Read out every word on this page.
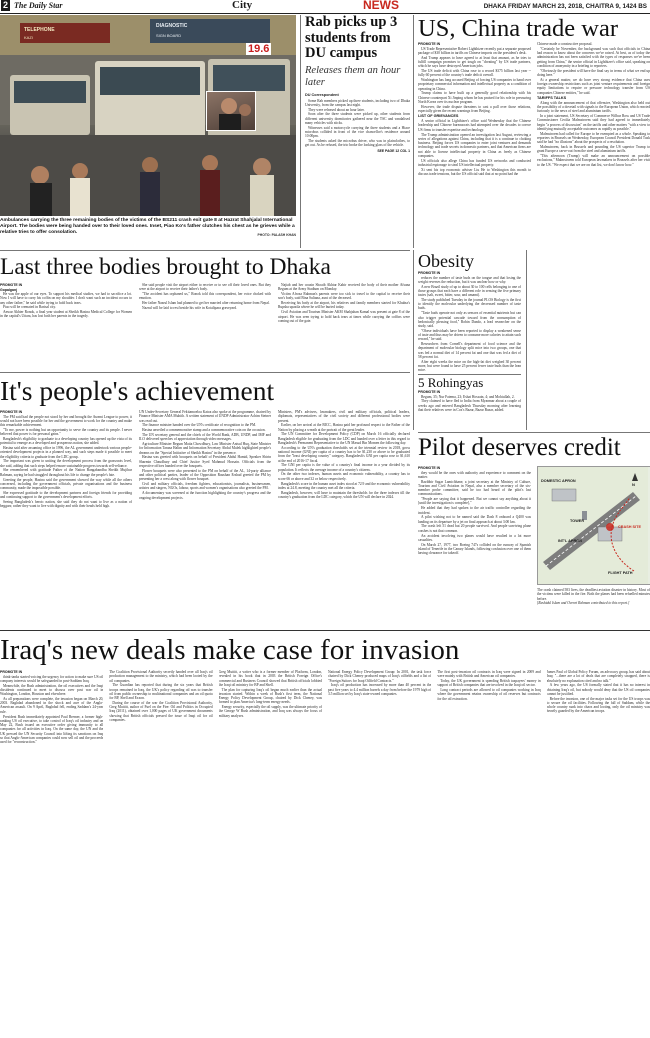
2 The Daily Star	City	NEWS	DHAKA FRIDAY MARCH 23, 2018, CHAITRA 9, 1424 BS
TELEPHONE
DIAGNOSTIC
SIGN BOARD
KAZI
19.6

Ambulances carrying the three remaining bodies of the victims of the BS211 crash exit gate 8 at Hazrat Shahjalal International Airport. The bodies were being handed over to their loved ones. Inset, Piao Ko's father clutches his chest as he grieves while a relative tries to offer consolation.	PHOTO: PALASH KHAN
Last three bodies brought to Dhaka

PROMOTE IN

Gopalganj

He was the apple of our eyes. To support his medical studies, we had to sacrifice a lot. Now I will have to carry his coffin on my shoulder. I don't want such an incident occurs to any other father," he said while trying to hold back tears.

Piao will be cremated in Barisal city.

Anwar Akhter Ronok, a final year student at Sheikh Hasina Medical College for Women in the capital's Uttara, has lost both her parents in the tragedy.

She said people visit the airport either to receive or to see off their loved ones. But they were at the airport to receive their father's body.

"The accident has orphaned us," Ronok told this correspondent, her voice choked with emotion.

Her father Nazrul Islam had planned to get her married after returning home from Nepal.

Nazrul will be laid to rest beside his wife in Kotalipara graveyard.

Najiab and her cousin Shoaib Akhtar Kabir received the body of their mother Afsana Begum at the Army Stadium on Monday.

Victim Afroza Rahman's parents were too sick to travel to the capital to receive their son's body, said Bina Sultana, aunt of the deceased.

Receiving his body at the airport, his relatives and family members started for Khulna's Rupsha upazila where he will be buried today.

Civil Aviation and Tourism Minister AKM Shahjahan Kamal was present at gate 8 of the airport. He was seen trying to hold back tears at times while carrying the coffins were coming out of the gate.

Rab picks up 3 students from DU campus

Releases them an hour later

DU Correspondent

Some Rab members picked up three students, including two of Dhaka University, from the campus last night.

They were released about an hour later.

Soon after the three students were picked up, other students from different university dormitories gathered near the TSC and vandalised many vehicles with sticks.

Witnesses said a motorcycle carrying the three students and a Hiace microbus collided in front of the vice chancellor's residence around 10:00pm.

The students asked the microbus driver, who was in plainclothes, to get out. As he refused, the trio broke the looking glass of the vehicle.

SEE PAGE 12 COL 1

Obesity

PROMOTE IN

reduces the number of taste buds on the tongue and that losing the weight reverses the reduction, but it was unclear how or why.

A new Brazil study of up to about 30 to 100 cells belonging to one of those groups that each have a different role in sensing the five primary tastes (salt, sweet, bitter, sour, and umami).

The study published Tuesday in the journal PLOS Biology is the first to identify the molecular underlying the decreased number of taste buds.

"Taste buds operate not only as sensors of essential nutrients but can also trigger potential cascade toward from the consumption of hedonically pleasing food," Robin Dando, a lead researcher on the study, said.

"Obese individuals have been reported to display a weakened sense of taste and thus may be driven to consume more calories to attain such reward," he said.

Researchers from Cornell's department of food science and the department of molecular biology split mice into two groups, one that was fed a normal diet of 14 percent fat and one that was fed a diet of 58 percent fat.

After eight weeks the mice on the high-fat diet weighed 30 percent more, but were found to have 25 percent fewer taste buds than the lean mice.

5 Rohingyas

PROMOTE IN

Begum, 35; Nur Fatema, 23; Eshat Hossain, 4; and Mohiullah, 2.

They claimed to have fled to India from Myanmar about a couple of weeks ago and entered Bangladesh Thursday morning after learning that their relatives were in Cox's Bazar, Bazar Bazar, added.

US, China trade war

PROMOTE IN

US Trade Representative Robert Lighthizer recently put a separate proposed package of $30 billion in tariffs on Chinese imports on the president's desk.

And Trump appears to have agreed to at least that amount, as he tries to fulfill campaign promises to get tough on "cheating" by US trade partners, which he says have destroyed American jobs.

The US trade deficit with China rose to a record $375 billion last year -- fully 60 percent of the country's trade deficit overall.

Washington has long accused Beijing of forcing US companies to hand over proprietary commercial information and intellectual property as a condition of operating in China.

Trump claims to have built up a generally good relationship with his Chinese counterpart Xi Jinping whom he has praised for his role in pressuring North Korea over its nuclear program.

However, the trade dispute threatens to cast a pall over those relations, especially given the recent warnings from Beijing.

LIST OF GRIEVANCES

A senior official in Lighthizer's office said Wednesday that the Chinese leadership and Chinese bureaucrats had attempted over the decades to coerce US firms to transfer expertise and technology.

The Trump administration opened an investigation last August, reviewing a series of allegations against China, including that it is a continue to choking business. Beijing forces US companies to enter joint ventures and demands technology and trade secrets in domestic partners, and that American firms are not able to license intellectual property in China as freely as Chinese companies.

US officials also allege China has funded US networks and conducted industrial espionage to steal US intellectual property.

Xi sent his top economic adviser Liu He to Washington this month to discuss trade tensions, but the US official said that at no point had the

Chinese made a constructive proposal.

"Certainly be November, the background was such that officials in China had reason to know about the concerns we've raised. At best, as of today the administration has not been satisfied with the types of responses we've been getting from China," the senior official in Lighthizer's office said, speaking on condition of anonymity in a briefing to reporters.

"Obviously the president will have the final say in terms of what we end up doing here."

At a general matter, we do have very strong evidence that China uses foreign ownership restrictions such as joint venture requirements and foreign equity limitations to require or pressure technology transfer from US companies Chinese entities," he said.

TARIFFS TALKS

Along with the announcement of that offensive, Washington also held out the possibility of a dovetail with signals to the European Union, which reacted furiously to the news of steel and aluminium tariffs.

In a joint statement, US Secretary of Commerce Wilbur Ross and US Trade Commissioner Cecilia Malmstroem said they had agreed to immediately begin "a process of discussion" on the tariffs and other matters "with a view to identifying mutually acceptable outcomes as rapidly as possible."

Malmstroem had called for Europe to be exempted as a whole. Speaking to reporters in Brussels on Wednesday, European Council President Donald Tusk said he had "no illusions" about the prospects of a resolution.

Malmstroem, back in Brussels and pounding the US superior Trump to grant Europe a carve-out from the steel and aluminium tariffs.

"This afternoon (Trump) will make an announcement on possible exclusions," Malmstroem told European lawmakers in Brussels after her visit to the US. "We expect that we are on that list, we don't know how."

It's people's achievement

PROMOTE IN

The PM said had the people not stood by her and brought the Awami League to power, it would not have been possible for her and the government to work for the country and make this remarkable achievement.

"To me, power is nothing but an opportunity to serve the country and its people. I never believed that power is for personal gains."

Bangladesh's eligibility to graduate to a developing country has opened up the vista of its potential to emerge as a developed and prosperous nation, she added.

Hasina said after assuming office in 1996, the AL government undertook various people-oriented development projects in a planned way, and such steps made it possible to meet the eligibility criteria to graduate from the LDC group.

The important was given to uniting the development process from the grassroots level, she said, adding that such steps helped ensure sustainable progress towards self-reliance.

She remembered with gratitude Father of the Nation Bangabandhu Sheikh Mujibur Rahman, saying he had struggled throughout his life to change the people's fate.

Greeting the people, Hasina said the government showed the way while all the others concerned, including the government officials, private organisations and the business community, made the impossible possible.

She expressed gratitude to the development partners and foreign friends for providing and continuing support to the government's development efforts.

Seeing Bangladesh's heroic nation, she said they do not want to live as a nation of beggars; rather they want to live with dignity and with their heads held high.

UN Under-Secretary General Fekitamoeloa Katoa also spoke at the programme, chaired by Finance Minister AMA Muhith. A written statement of UNDP Administrator Achim Steiner was read out.

The finance minister handed over the UN's certificate of recognition to the PM.

Hasina unveiled a commemorative stamp and a commemorative coin on the occasion.

The UN secretary general and the chiefs of the World Bank, ADB, UNDP, and IMF and ILO delivered speeches of appreciation through video messages.

Agriculture Minister Begum Matia Chowdhury, Law Minister Anisul Huq, State Minister for Information Tarana Halim and Information Secretary Abdul Malek highlighted people's dreams on the "Special Initiative of Sheikh Hasina" in the presence.

Hasina was greeted with bouquets on behalf of President Abdul Hamid, Speaker Shirin Sharmin Chaudhury and Chief Justice Syed Mahmud Hossain. Officials from the respective offices handed over the bouquets.

Flower bouquets were also presented to the PM on behalf of the AL, 14-party alliance and other political parties, leader of the Opposition Raushan Ershad greeted the PM by presenting her a crest along with flower bouquet.

Civil and military officials, freedom fighters, educationists, journalists, businessmen, artistes and singers, NGOs, labour, sports and women's organisations also greeted the PM.

A documentary was screened at the function highlighting the country's progress and the ongoing development projects.

Ministers, PM's advisers, lawmakers, civil and military officials, political leaders, diplomats, representatives of the civil society and different professional bodies were present.

Earlier, on her arrival at the BICC, Hasina paid her profound respect to the Father of the Nation by placing a wreath at the portrait of the great leader.

The UN Committee for Development Policy (CDP) on March 16 officially declared Bangladesh eligible for graduating from the LDC and handed over a letter in this regard to Bangladesh's Permanent Representative to the UN Masud Bin Momen the following day.

According to the UN's graduation thresholds set at the triennial review in 2018, gross national income (GNI) per capita of a country has to be $1,230 or above to be graduated from the "least developing country" category. Bangladesh's GNI per capita rose to $1,610 at the end of 2016-17 fiscal.

The GNI per capita is the value of a country's final income in a year divided by its population. It reflects the average income of a country's citizens.

On the other two indexes, human assets and economic vulnerability, a country has to score 66 or above and 32 or below respectively.

Bangladesh's score in the human asset index stood at 72.9 and the economic vulnerability index at 24.8, meeting the country met all the criteria.

Bangladesh, however, will have to maintain the thresholds for the three indexes till the country's graduation from the LDC category, which the UN will declare in 2024.

Pilot deserves credit

PROMOTE IN

they would be the ones with authority and experience to comment on the matter.

Razibbir Sagar Lamichhane, a joint secretary at the Ministry of Culture, Tourism and Civil Aviation in Nepal, also a member secretary of the six-member probe committee, said he too had heard of the pilot's last communications.

"People are saying that it happened. But we cannot say anything about it [until the investigation is complete],"

He added that they had spoken to the air traffic controller regarding the incident.

A pilot wishing not to be named said the Dash 8 onboard a Q400 was landing on its departure by a jet on final approach at about 3:00 km.

The crash left 51 dead but 20 people survived. And people surviving plane crashes is not that common.

An accident involving two planes would have resulted in a lot more casualties.

On March 27, 1977, two Boeing 747s collided on the runway of Spanish island of Tenerife in the Canary Islands, following confusion over one of them having clearance for takeoff.

DOMESTIC APRON
TOWER
INT'L APRON
CRASH SITE
FLIGHT PATH
N

The crash claimed 583 lives, the deadliest aviation disaster in history. Most of the victims were killed in the fire. Both the planes had been refuelled minutes before.

[Rashidul Islam and Ovenri Rahman contributed to this report.]

Iraq's new deals make case for invasion

PROMOTE IN

think-tanks started voicing the urgency for action to make sure US oil company interests would be safeguarded in post-Saddam Iraq.

Meanwhile, the Bush administration, the oil executives and the Iraqi dissidents continued to meet to discuss over post war oil in Washington, London, Houston and elsewhere.

As all preparations were complete, the invasion began on March 20, 2003. Baghdad abandoned in the shock and awe of the Anglo-American assault. On 9 April, Baghdad fell, ending Saddam's 24-year rule.

President Bush immediately appointed Paul Bremer, a former high-ranking US oil executive, to take control of Iraq's oil industry and on May 22, Bush issued an executive order giving immunity to all companies for all activities in Iraq. On the same day, the UN and the UK pressed the UN Security Council into lifting its sanctions on Iraq so that Anglo-American companies could now sell oil and the proceeds used for "reconstruction."

The Coalition Provisional Authority secretly handed over all Iraq's oil production management to the ministry, which had been looted by the oil companies.

The Guardian has reported that during the six years that British troops remained in Iraq, the UK's policy regarding oil was to transfer oil from public ownership to multinational companies and an oil quota for BP, Shell and Exxon.

During the course of the war the Coalition Provisional Authority, Greg Muttitt, author of Fuel on the Fire: Oil and Politics in Occupied Iraq (2011), obtained over 1,000 pages of UK government documents showing that British officials pressed the issue of Iraqi oil for oil companies.

Greg Muttitt, a writer who is a former member of Platform, London, revealed in his book that in 2003 the British Foreign Office's commercial and Business Council showed that British officials lobbied the Iraqi oil ministry for BP and Shell.

The plan for capturing Iraq's oil began much earlier than the actual invasion started. Within a week of Bush's first term, the National Energy Policy Development Group, chaired by Dick Cheney, was formed to plan America's long-term energy needs.

Energy security, especially the oil supply, was the ultimate priority of the George W Bush administration, and Iraq was always the focus of military analyses.

National Energy Policy Development Group: In 2001, the task force chaired by Dick Cheney produced maps of Iraq's oilfields and a list of "Foreign Suitors for Iraqi Oilfield Contracts."

Iraq's oil production has increased by more than 40 percent in the past five years to 4.4 million barrels a day from before the 1979 high of 3.5 million set by Iraq's state-owned companies.

The first post-invasion oil contracts in Iraq were signed in 2009 and were mainly with British and American oil companies.

Today, the UK government is spending British taxpayers' money in support of British companies that are involved in the Iraqi oil sector.

Long contract periods are allowed to oil companies working in Iraq where the government retains ownership of oil reserves but contracts for the oil extraction.

James Paul of Global Policy Forum, an advocacy group, has said about Iraq: "...there are a lot of deals that are completely strapped, there is absolutely no explanation cited and no talk."

A few years ago, the US formally stated that it has no interest in obtaining Iraq's oil, but nobody would deny that the US oil companies cannot be justified.

Before the invasion, one of the major tasks set for the US troops was to secure the oil facilities. Following the fall of Saddam, while the whole country sunk into chaos and looting, only the oil ministry was heavily guarded by the American troops.
